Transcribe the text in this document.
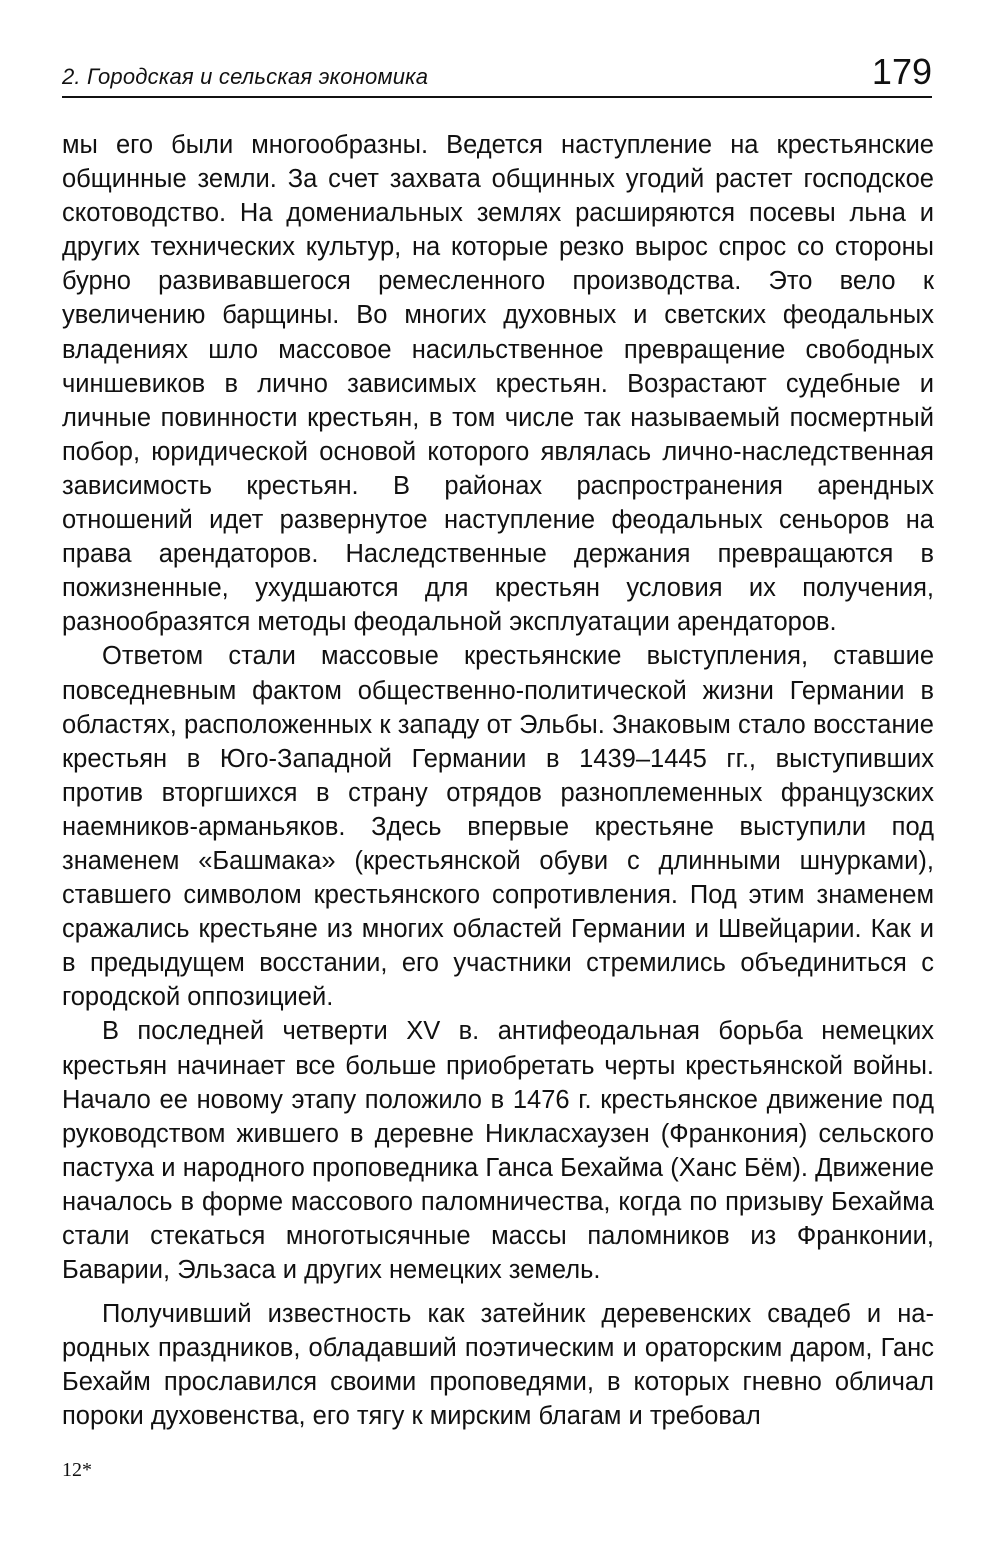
2. Городская и сельская экономика	179

мы его были многообразны. Ведется наступление на крестьянские общинные земли. За счет захвата общинных угодий растет господское скотоводство. На домениальных землях расширяются посевы льна и других технических культур, на которые резко вырос спрос со стороны бурно развивавшегося ремесленного производства. Это вело к увеличению барщины. Во многих духовных и светских феодальных владениях шло массовое насильственное превращение свободных чиншевиков в лично зависимых крестьян. Возрастают судебные и личные повинности крестьян, в том числе так называемый посмертный побор, юридической основой которого являлась лично-наследственная зависимость крестьян. В районах распространения арендных отношений идет развернутое наступление феодальных сеньоров на права арендаторов. Наследственные держания превращаются в пожизненные, ухудшаются для крестьян условия их получения, разнообразятся методы феодальной эксплуатации арендаторов.

Ответом стали массовые крестьянские выступления, ставшие повседневным фактом общественно-политической жизни Германии в областях, расположенных к западу от Эльбы. Знаковым стало восстание крестьян в Юго-Западной Германии в 1439–1445 гг., выступивших против вторгшихся в страну отрядов разноплеменных французских наемников-арманьяков. Здесь впервые крестьяне выступили под знаменем «Башмака» (крестьянской обуви с длинными шнурками), ставшего символом крестьянского сопротивления. Под этим знаменем сражались крестьяне из многих областей Германии и Швейцарии. Как и в предыдущем восстании, его участники стремились объединиться с городской оппозицией.

В последней четверти XV в. антифеодальная борьба немецких крестьян начинает все больше приобретать черты крестьянской войны. Начало ее новому этапу положило в 1476 г. крестьянское движение под руководством жившего в деревне Никласхаузен (Франкония) сельского пастуха и народного проповедника Ганса Бехайма (Ханс Бём). Движение началось в форме массового паломничества, когда по призыву Бехайма стали стекаться многотысячные массы паломников из Франконии, Баварии, Эльзаса и других немецких земель.

Получивший известность как затейник деревенских свадеб и народных праздников, обладавший поэтическим и ораторским даром, Ганс Бехайм прославился своими проповедями, в которых гневно обличал пороки духовенства, его тягу к мирским благам и требовал

12*
